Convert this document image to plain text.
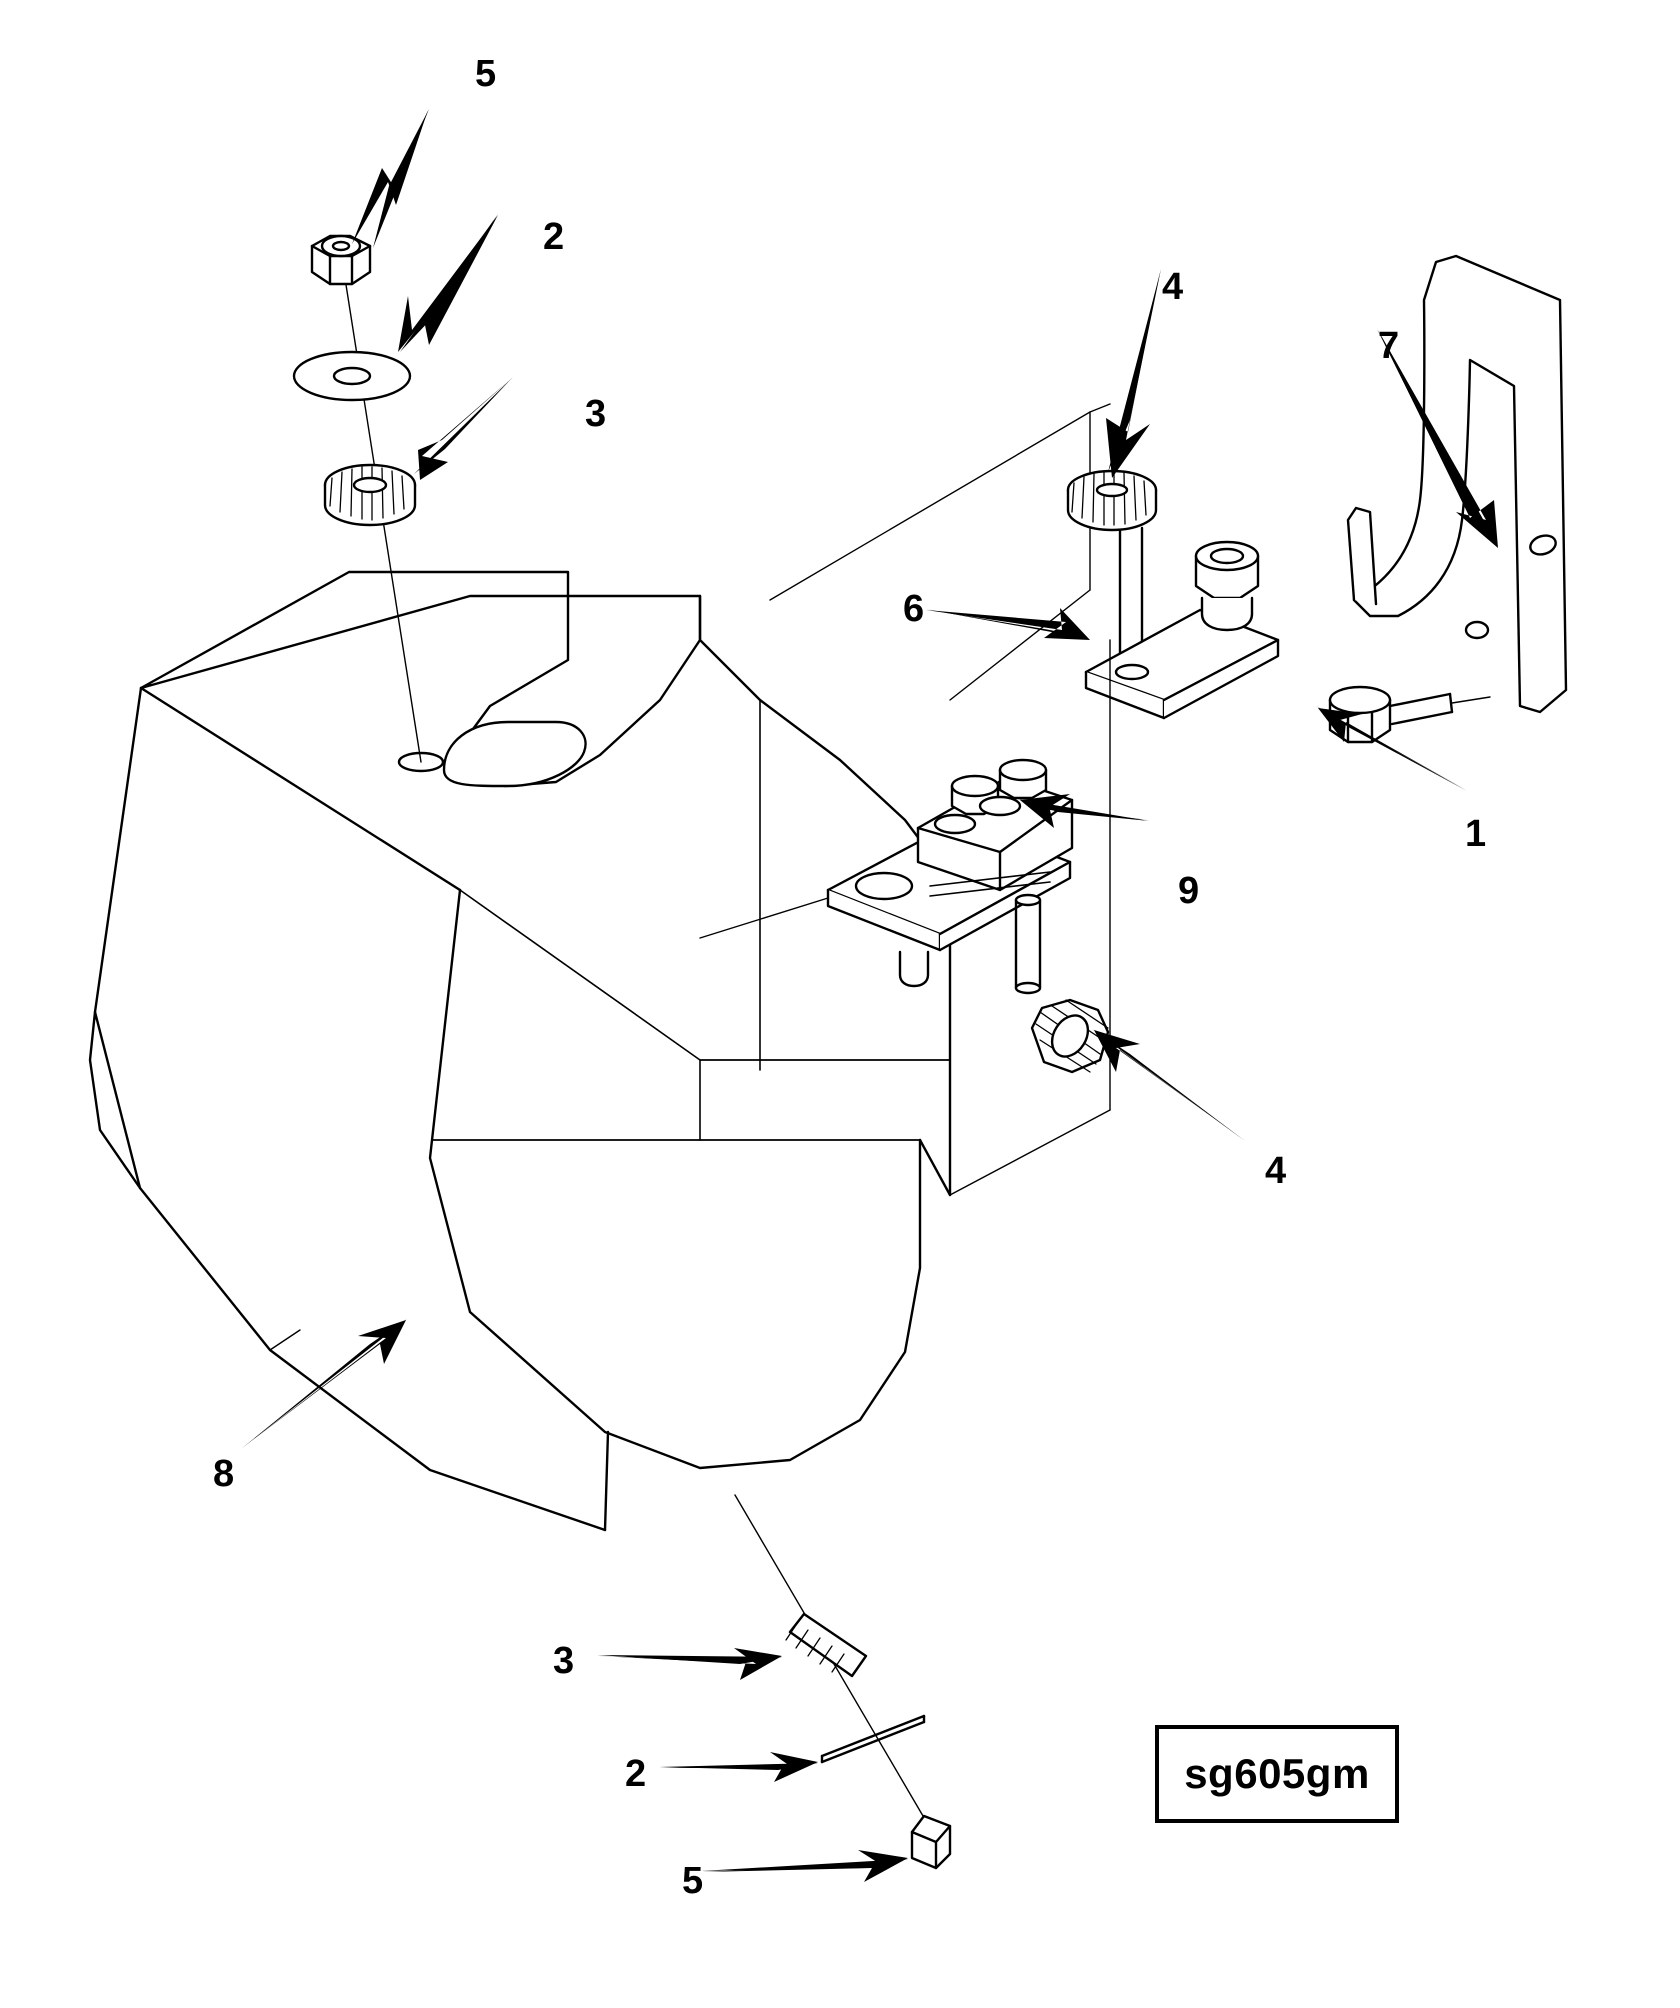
5
2
3
4
7
6
1
9
4
8
3
2
5
sg605gm
